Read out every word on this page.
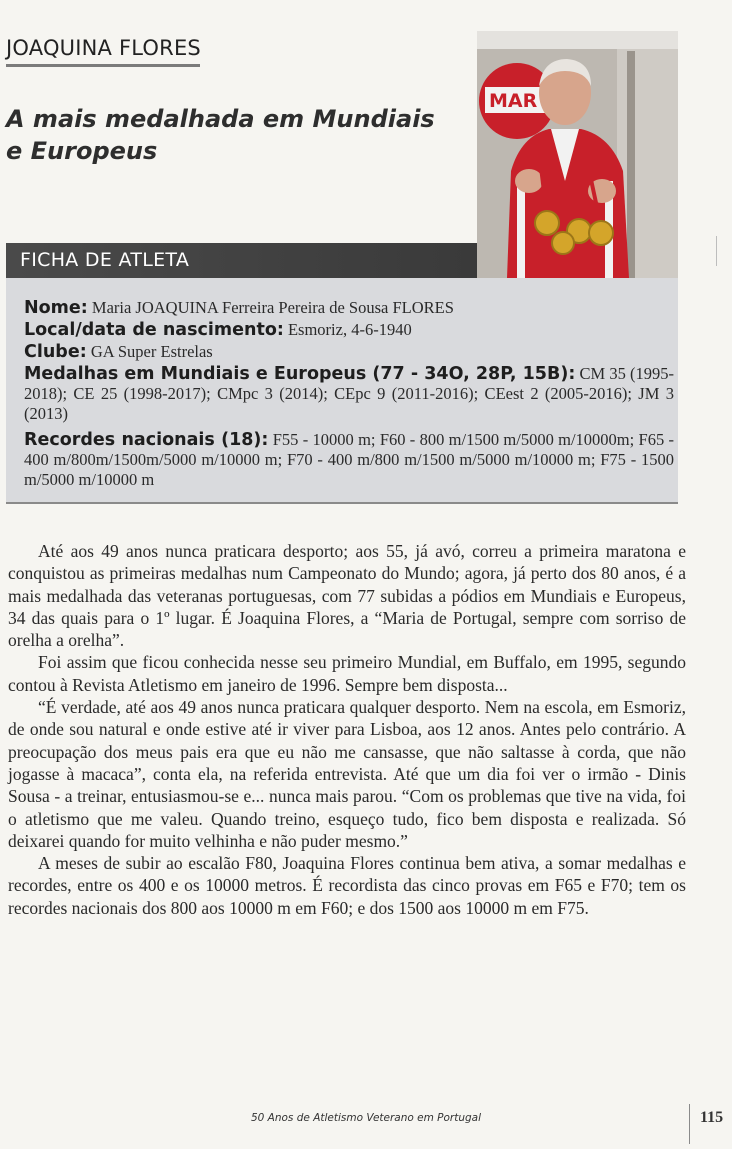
JOAQUINA FLORES
A mais medalhada em Mundiais
e Europeus
MAR
FICHA DE ATLETA
Nome: Maria JOAQUINA Ferreira Pereira de Sousa FLORES
Local/data de nascimento: Esmoriz, 4-6-1940
Clube: GA Super Estrelas
Medalhas em Mundiais e Europeus (77 - 34O, 28P, 15B): CM 35 (1995-2018); CE 25 (1998-2017); CMpc 3 (2014); CEpc 9 (2011-2016); CEest 2 (2005-2016); JM 3 (2013)
Recordes nacionais (18): F55 - 10000 m; F60 - 800 m/1500 m/5000 m/10000m; F65 - 400 m/800m/1500m/5000 m/10000 m; F70 - 400 m/800 m/1500 m/5000 m/10000 m; F75 - 1500 m/5000 m/10000 m

Até aos 49 anos nunca praticara desporto; aos 55, já avó, correu a primeira maratona e conquistou as primeiras medalhas num Campeonato do Mundo; agora, já perto dos 80 anos, é a mais medalhada das veteranas portuguesas, com 77 subidas a pódios em Mundiais e Europeus, 34 das quais para o 1º lugar. É Joaquina Flores, a “Maria de Portugal, sempre com sorriso de orelha a orelha”.

Foi assim que ficou conhecida nesse seu primeiro Mundial, em Buffalo, em 1995, segundo contou à Revista Atletismo em janeiro de 1996. Sempre bem disposta...

“É verdade, até aos 49 anos nunca praticara qualquer desporto. Nem na escola, em Esmoriz, de onde sou natural e onde estive até ir viver para Lisboa, aos 12 anos. Antes pelo contrário. A preocupação dos meus pais era que eu não me cansasse, que não saltasse à corda, que não jogasse à macaca”, conta ela, na referida entrevista. Até que um dia foi ver o irmão - Dinis Sousa - a treinar, entusiasmou-se e... nunca mais parou. “Com os problemas que tive na vida, foi o atletismo que me valeu. Quando treino, esqueço tudo, fico bem disposta e realizada. Só deixarei quando for muito velhinha e não puder mesmo.”

A meses de subir ao escalão F80, Joaquina Flores continua bem ativa, a somar medalhas e recordes, entre os 400 e os 10000 metros. É recordista das cinco provas em F65 e F70; tem os recordes nacionais dos 800 aos 10000 m em F60; e dos 1500 aos 10000 m em F75.

50 Anos de Atletismo Veterano em Portugal	115
